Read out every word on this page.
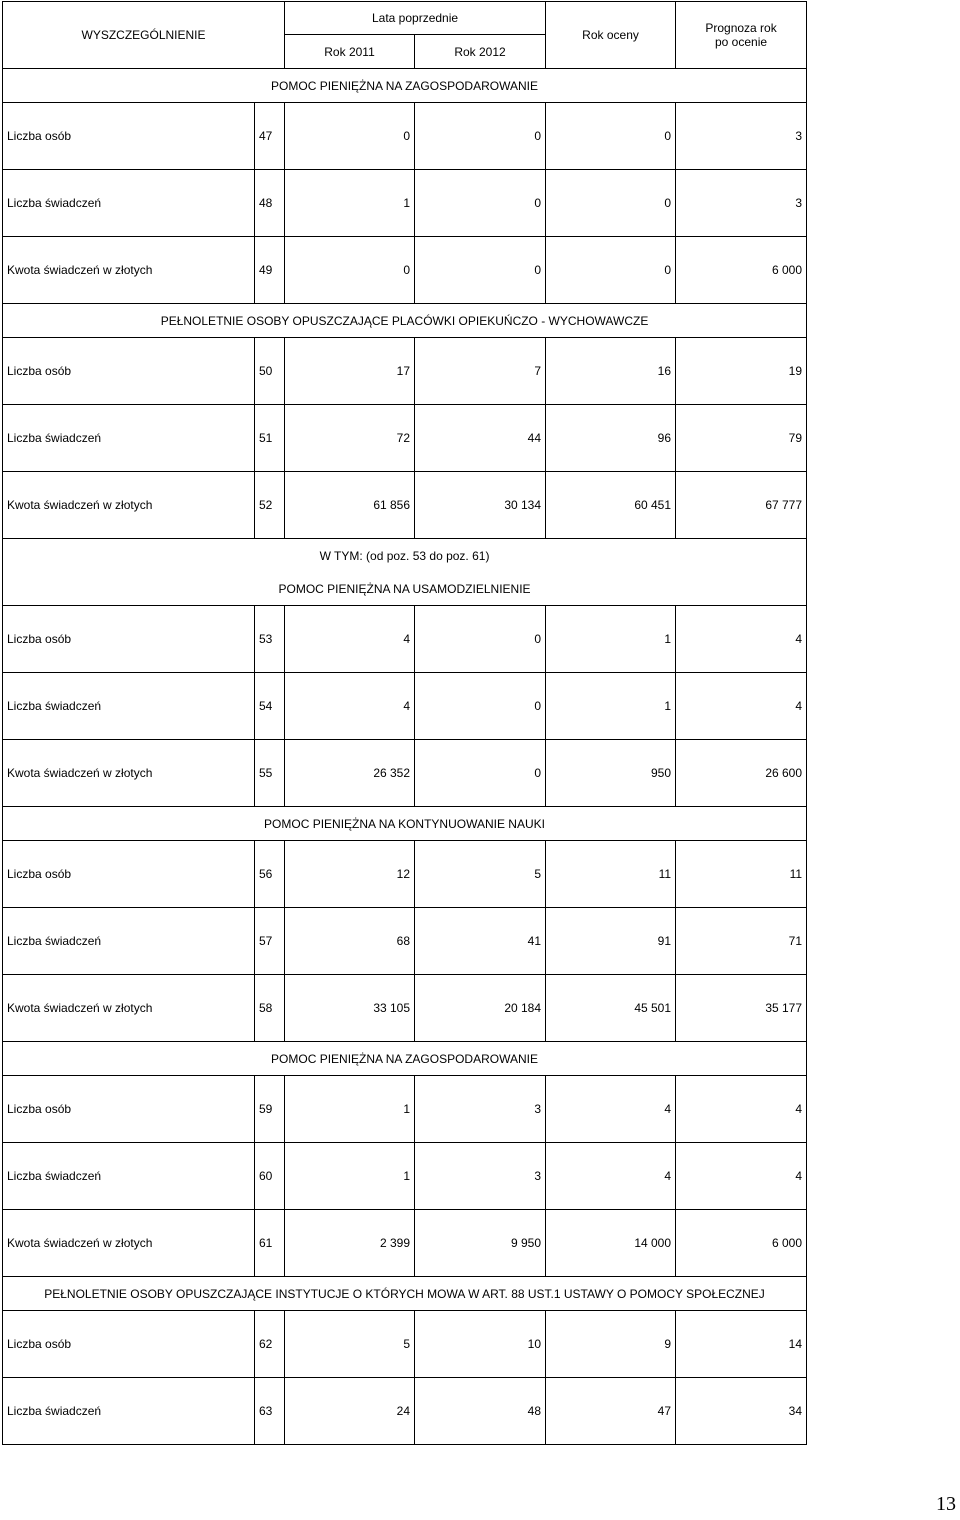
WYSZCZEGÓLNIENIE		Lata poprzednie		Rok oceny	Prognoza rok
po ocenie

		Rok 2011	Rok 2012		
POMOC PIENIĘŻNA NA ZAGOSPODAROWANIE					
Liczba osób	47	0	0	0	3
Liczba świadczeń	48	1	0	0	3
Kwota świadczeń w złotych	49	0	0	0	6 000
PEŁNOLETNIE OSOBY OPUSZCZAJĄCE PLACÓWKI OPIEKUŃCZO - WYCHOWAWCZE					
Liczba osób	50	17	7	16	19
Liczba świadczeń	51	72	44	96	79
Kwota świadczeń w złotych	52	61 856	30 134	60 451	67 777

W TYM: (od poz. 53 do poz. 61)
POMOC PIENIĘŻNA NA USAMODZIELNIENIE					

Liczba osób	53	4	0	1	4
Liczba świadczeń	54	4	0	1	4
Kwota świadczeń w złotych	55	26 352	0	950	26 600
POMOC PIENIĘŻNA NA KONTYNUOWANIE NAUKI					
Liczba osób	56	12	5	11	11
Liczba świadczeń	57	68	41	91	71
Kwota świadczeń w złotych	58	33 105	20 184	45 501	35 177
POMOC PIENIĘŻNA NA ZAGOSPODAROWANIE					
Liczba osób	59	1	3	4	4
Liczba świadczeń	60	1	3	4	4
Kwota świadczeń w złotych	61	2 399	9 950	14 000	6 000
PEŁNOLETNIE OSOBY OPUSZCZAJĄCE INSTYTUCJE O KTÓRYCH MOWA W ART. 88 UST.1 USTAWY O POMOCY SPOŁECZNEJ					
Liczba osób	62	5	10	9	14
Liczba świadczeń	63	24	48	47	34
13
